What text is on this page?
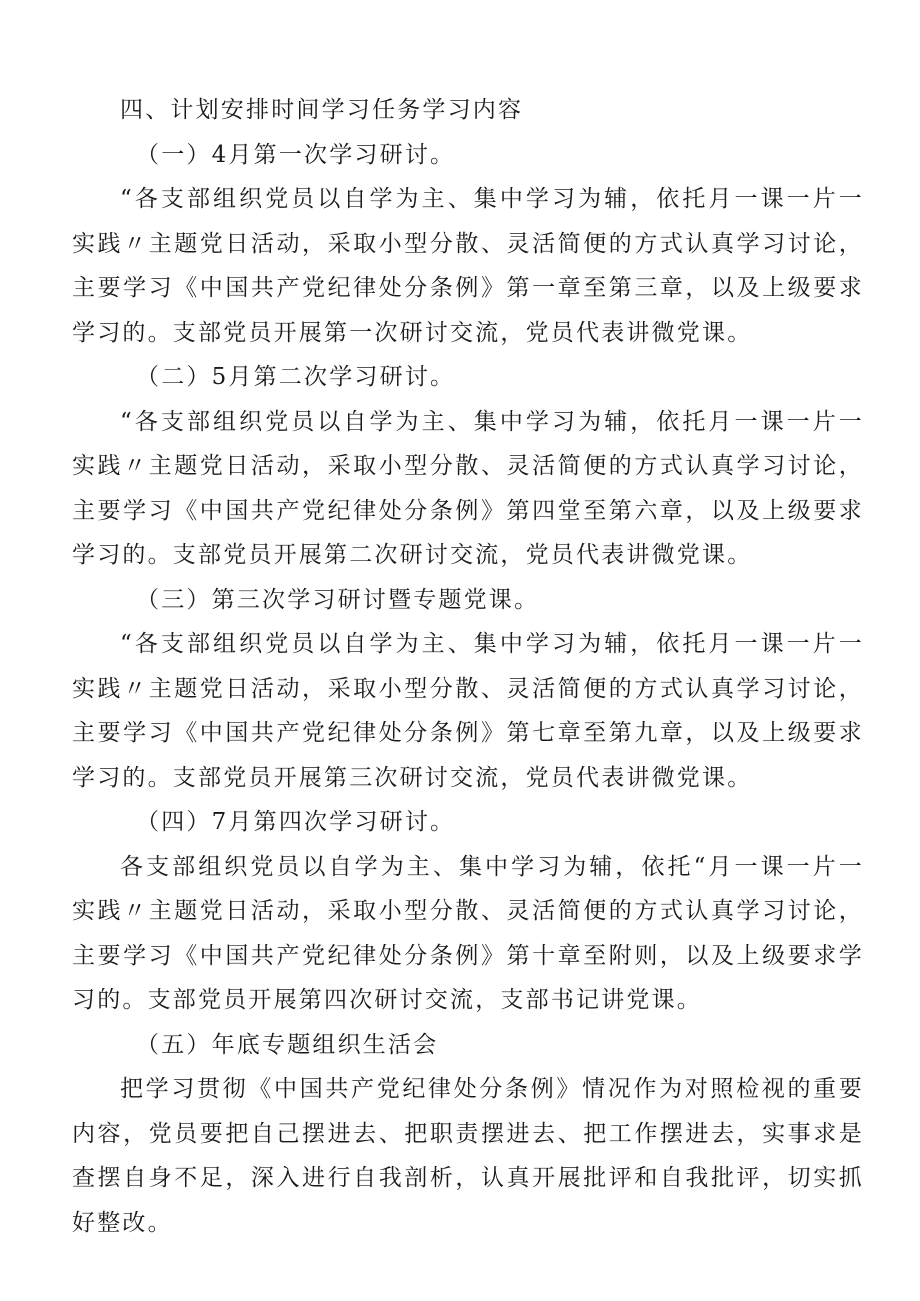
四、计划安排时间学习任务学习内容

（一）4月第一次学习研讨。

“各支部组织党员以自学为主、集中学习为辅，依托月一课一片一实践〃主题党日活动，采取小型分散、灵活简便的方式认真学习讨论，主要学习《中国共产党纪律处分条例》第一章至第三章，以及上级要求学习的。支部党员开展第一次研讨交流，党员代表讲微党课。

（二）5月第二次学习研讨。

“各支部组织党员以自学为主、集中学习为辅，依托月一课一片一实践〃主题党日活动，采取小型分散、灵活简便的方式认真学习讨论，主要学习《中国共产党纪律处分条例》第四堂至第六章，以及上级要求学习的。支部党员开展第二次研讨交流，党员代表讲微党课。

（三）第三次学习研讨暨专题党课。

“各支部组织党员以自学为主、集中学习为辅，依托月一课一片一实践〃主题党日活动，采取小型分散、灵活简便的方式认真学习讨论，主要学习《中国共产党纪律处分条例》第七章至第九章，以及上级要求学习的。支部党员开展第三次研讨交流，党员代表讲微党课。

（四）7月第四次学习研讨。

各支部组织党员以自学为主、集中学习为辅，依托“月一课一片一实践〃主题党日活动，采取小型分散、灵活简便的方式认真学习讨论，主要学习《中国共产党纪律处分条例》第十章至附则，以及上级要求学习的。支部党员开展第四次研讨交流，支部书记讲党课。

（五）年底专题组织生活会

把学习贯彻《中国共产党纪律处分条例》情况作为对照检视的重要内容，党员要把自己摆进去、把职责摆进去、把工作摆进去，实事求是查摆自身不足，深入进行自我剖析，认真开展批评和自我批评，切实抓好整改。
